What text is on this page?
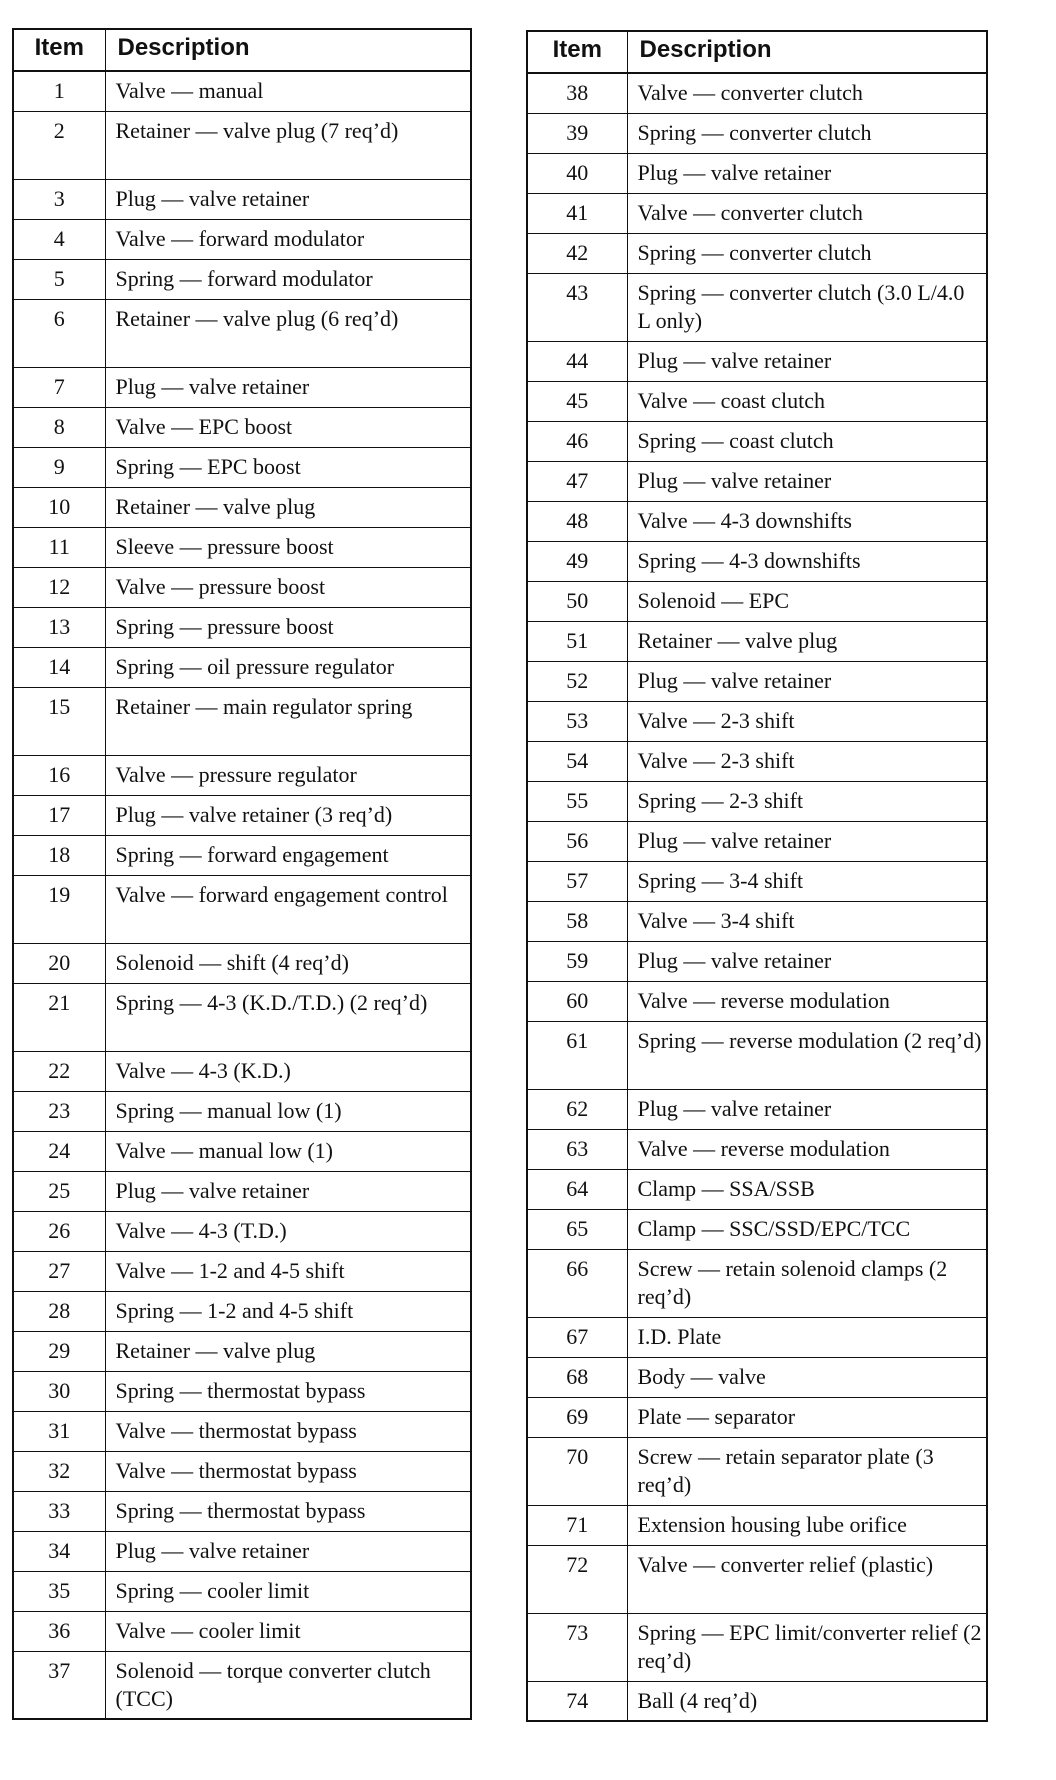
Item	Description
1	Valve — manual
2	Retainer — valve plug (7 req’d)
3	Plug — valve retainer
4	Valve — forward modulator
5	Spring — forward modulator
6	Retainer — valve plug (6 req’d)
7	Plug — valve retainer
8	Valve — EPC boost
9	Spring — EPC boost
10	Retainer — valve plug
11	Sleeve — pressure boost
12	Valve — pressure boost
13	Spring — pressure boost
14	Spring — oil pressure regulator
15	Retainer — main regulator spring
16	Valve — pressure regulator
17	Plug — valve retainer (3 req’d)
18	Spring — forward engagement
19	Valve — forward engagement control
20	Solenoid — shift (4 req’d)
21	Spring — 4-3 (K.D./T.D.) (2 req’d)
22	Valve — 4-3 (K.D.)
23	Spring — manual low (1)
24	Valve — manual low (1)
25	Plug — valve retainer
26	Valve — 4-3 (T.D.)
27	Valve — 1-2 and 4-5 shift
28	Spring — 1-2 and 4-5 shift
29	Retainer — valve plug
30	Spring — thermostat bypass
31	Valve — thermostat bypass
32	Valve — thermostat bypass
33	Spring — thermostat bypass
34	Plug — valve retainer
35	Spring — cooler limit
36	Valve — cooler limit
37	Solenoid — torque converter clutch (TCC)
Item	Description
38	Valve — converter clutch
39	Spring — converter clutch
40	Plug — valve retainer
41	Valve — converter clutch
42	Spring — converter clutch
43	Spring — converter clutch (3.0 L/4.0 L only)
44	Plug — valve retainer
45	Valve — coast clutch
46	Spring — coast clutch
47	Plug — valve retainer
48	Valve — 4-3 downshifts
49	Spring — 4-3 downshifts
50	Solenoid — EPC
51	Retainer — valve plug
52	Plug — valve retainer
53	Valve — 2-3 shift
54	Valve — 2-3 shift
55	Spring — 2-3 shift
56	Plug — valve retainer
57	Spring — 3-4 shift
58	Valve — 3-4 shift
59	Plug — valve retainer
60	Valve — reverse modulation
61	Spring — reverse modulation (2 req’d)
62	Plug — valve retainer
63	Valve — reverse modulation
64	Clamp — SSA/SSB
65	Clamp — SSC/SSD/EPC/TCC
66	Screw — retain solenoid clamps (2 req’d)
67	I.D. Plate
68	Body — valve
69	Plate — separator
70	Screw — retain separator plate (3 req’d)
71	Extension housing lube orifice
72	Valve — converter relief (plastic)
73	Spring — EPC limit/converter relief (2 req’d)
74	Ball (4 req’d)
